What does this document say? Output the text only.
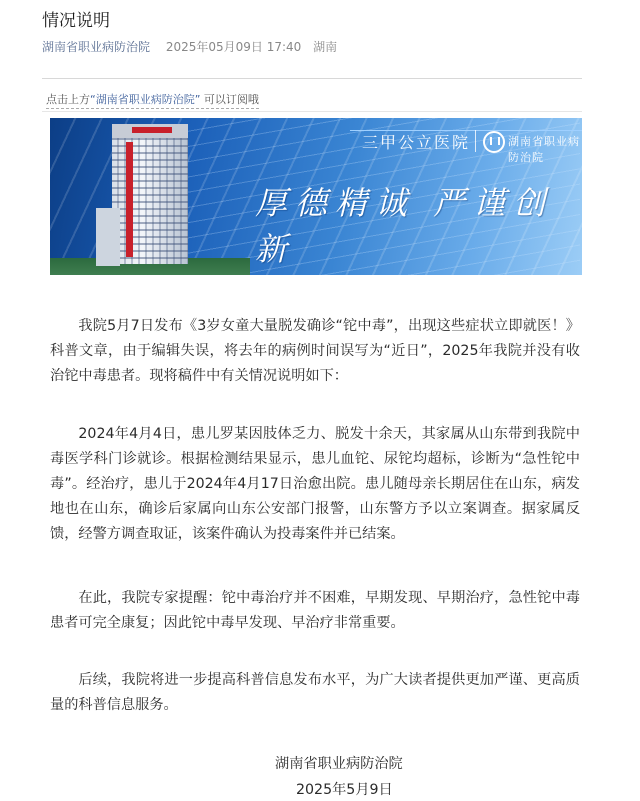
情况说明
湖南省职业病防治院 2025年05月09日 17:40 湖南
点击上方“湖南省职业病防治院” 可以订阅哦
三甲公立医院	湖南省职业病防治院
厚德精诚 严谨创新

我院5月7日发布《3岁女童大量脱发确诊“铊中毒”，出现这些症状立即就医！》科普文章，由于编辑失误，将去年的病例时间误写为“近日”，2025年我院并没有收治铊中毒患者。现将稿件中有关情况说明如下：

2024年4月4日，患儿罗某因肢体乏力、脱发十余天，其家属从山东带到我院中毒医学科门诊就诊。根据检测结果显示，患儿血铊、尿铊均超标，诊断为“急性铊中毒”。经治疗，患儿于2024年4月17日治愈出院。患儿随母亲长期居住在山东，病发地也在山东，确诊后家属向山东公安部门报警，山东警方予以立案调查。据家属反馈，经警方调查取证，该案件确认为投毒案件并已结案。

在此，我院专家提醒：铊中毒治疗并不困难，早期发现、早期治疗，急性铊中毒患者可完全康复；因此铊中毒早发现、早治疗非常重要。

后续，我院将进一步提高科普信息发布水平，为广大读者提供更加严谨、更高质量的科普信息服务。

湖南省职业病防治院
2025年5月9日
